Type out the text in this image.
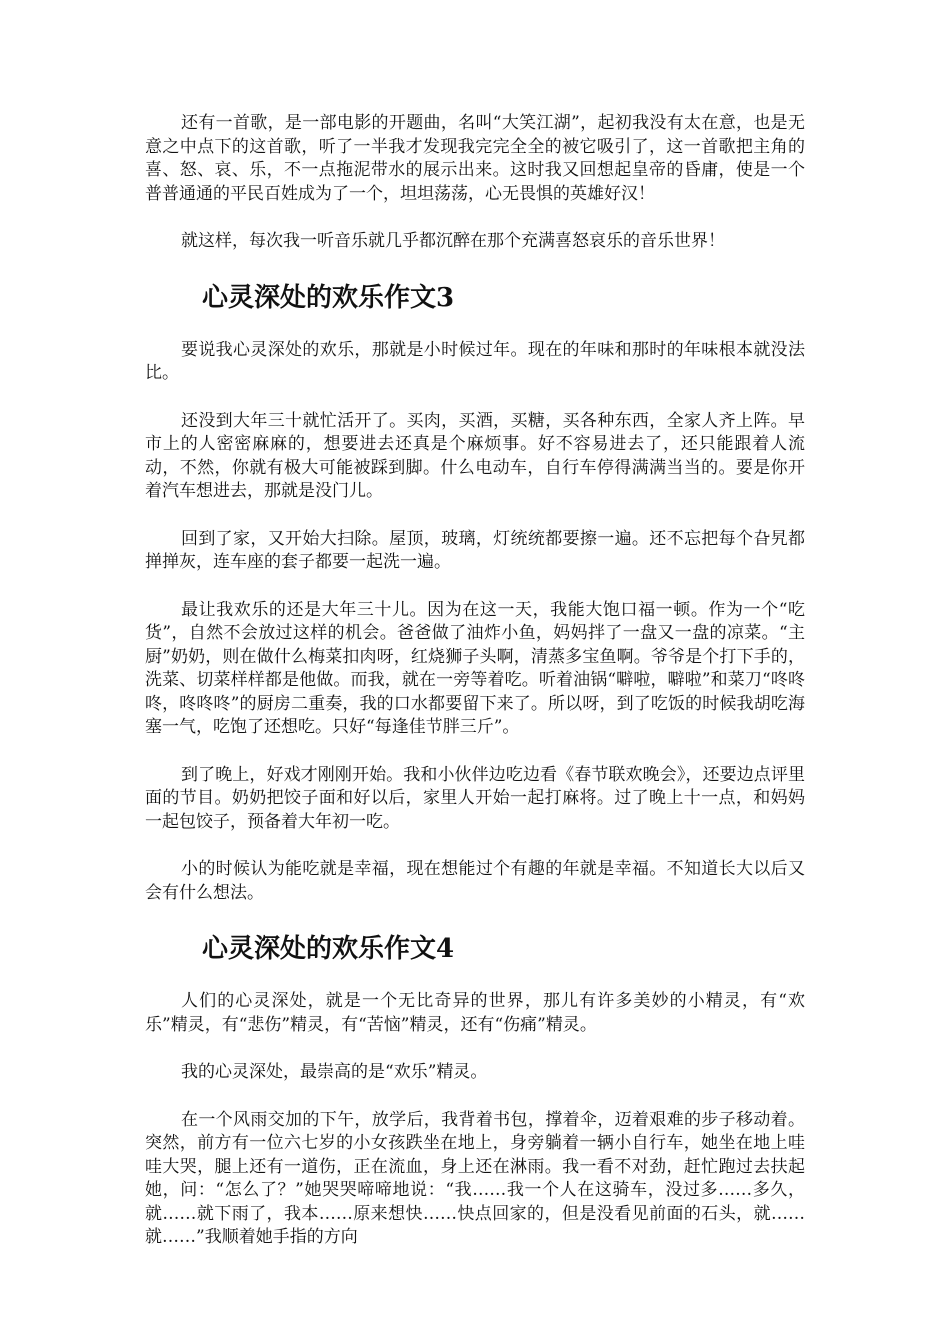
还有一首歌，是一部电影的开题曲，名叫“大笑江湖”，起初我没有太在意，也是无意之中点下的这首歌，听了一半我才发现我完完全全的被它吸引了，这一首歌把主角的喜、怒、哀、乐，不一点拖泥带水的展示出来。这时我又回想起皇帝的昏庸，使是一个普普通通的平民百姓成为了一个，坦坦荡荡，心无畏惧的英雄好汉！

就这样，每次我一听音乐就几乎都沉醉在那个充满喜怒哀乐的音乐世界！

心灵深处的欢乐作文3

要说我心灵深处的欢乐，那就是小时候过年。现在的年味和那时的年味根本就没法比。

还没到大年三十就忙活开了。买肉，买酒，买糖，买各种东西，全家人齐上阵。早市上的人密密麻麻的，想要进去还真是个麻烦事。好不容易进去了，还只能跟着人流动，不然，你就有极大可能被踩到脚。什么电动车，自行车停得满满当当的。要是你开着汽车想进去，那就是没门儿。

回到了家，又开始大扫除。屋顶，玻璃，灯统统都要擦一遍。还不忘把每个旮旯都掸掸灰，连车座的套子都要一起洗一遍。

最让我欢乐的还是大年三十儿。因为在这一天，我能大饱口福一顿。作为一个“吃货”，自然不会放过这样的机会。爸爸做了油炸小鱼，妈妈拌了一盘又一盘的凉菜。“主厨”奶奶，则在做什么梅菜扣肉呀，红烧狮子头啊，清蒸多宝鱼啊。爷爷是个打下手的，洗菜、切菜样样都是他做。而我，就在一旁等着吃。听着油锅“噼啦，噼啦”和菜刀“咚咚咚，咚咚咚”的厨房二重奏，我的口水都要留下来了。所以呀，到了吃饭的时候我胡吃海塞一气，吃饱了还想吃。只好“每逢佳节胖三斤”。

到了晚上，好戏才刚刚开始。我和小伙伴边吃边看《春节联欢晚会》，还要边点评里面的节目。奶奶把饺子面和好以后，家里人开始一起打麻将。过了晚上十一点，和妈妈一起包饺子，预备着大年初一吃。

小的时候认为能吃就是幸福，现在想能过个有趣的年就是幸福。不知道长大以后又会有什么想法。

心灵深处的欢乐作文4

人们的心灵深处，就是一个无比奇异的世界，那儿有许多美妙的小精灵，有“欢乐”精灵，有“悲伤”精灵，有“苦恼”精灵，还有“伤痛”精灵。

我的心灵深处，最崇高的是“欢乐”精灵。

在一个风雨交加的下午，放学后，我背着书包，撑着伞，迈着艰难的步子移动着。突然，前方有一位六七岁的小女孩跌坐在地上，身旁躺着一辆小自行车，她坐在地上哇哇大哭，腿上还有一道伤，正在流血，身上还在淋雨。我一看不对劲，赶忙跑过去扶起她，问：“怎么了？”她哭哭啼啼地说：“我……我一个人在这骑车，没过多……多久，就……就下雨了，我本……原来想快……快点回家的，但是没看见前面的石头，就……就……”我顺着她手指的方向
